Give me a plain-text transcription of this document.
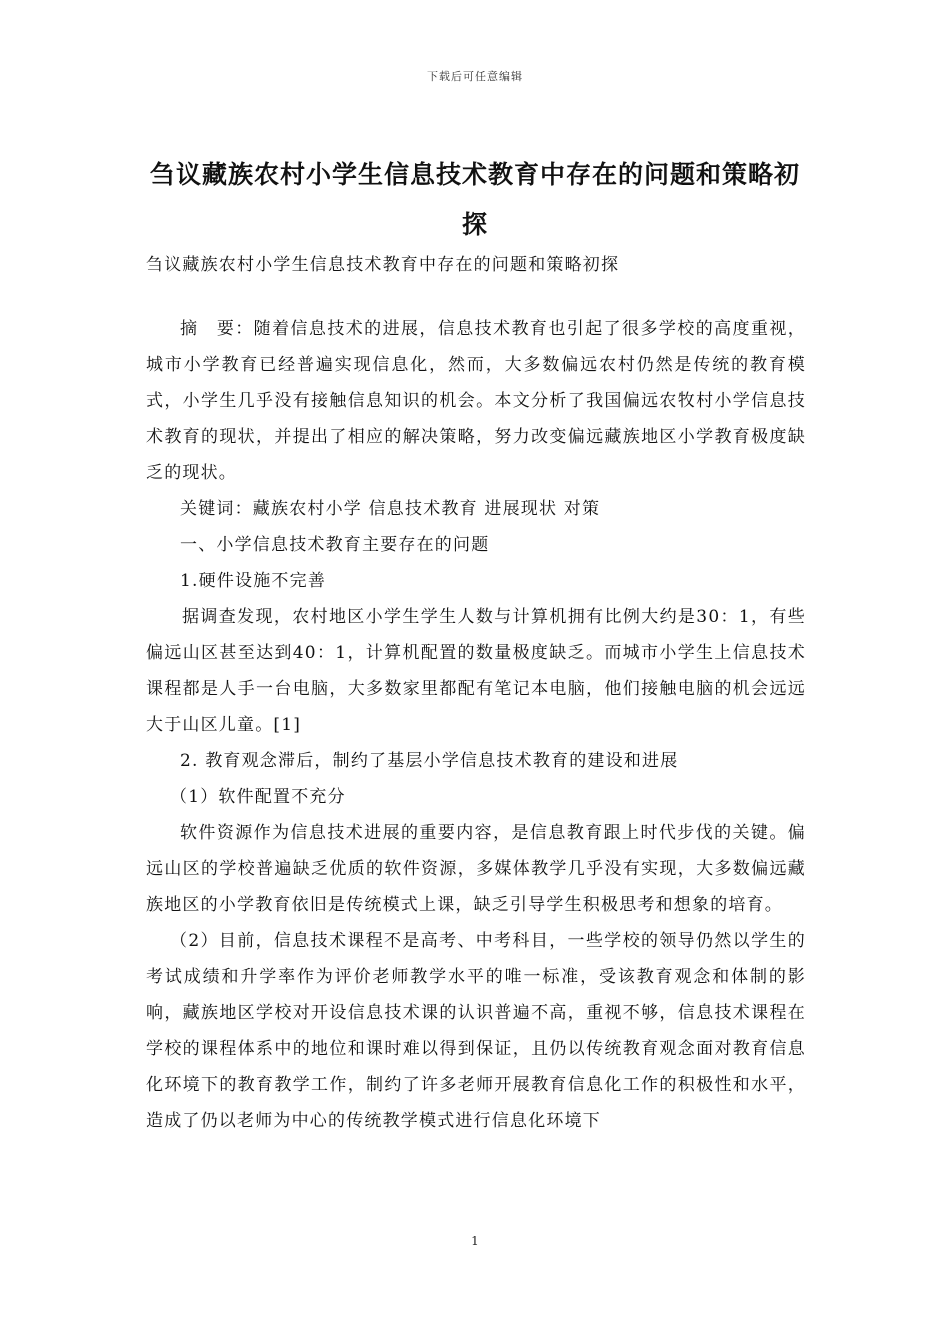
下载后可任意编辑
刍议藏族农村小学生信息技术教育中存在的问题和策略初探

刍议藏族农村小学生信息技术教育中存在的问题和策略初探

摘　要：随着信息技术的进展，信息技术教育也引起了很多学校的高度重视，城市小学教育已经普遍实现信息化，然而，大多数偏远农村仍然是传统的教育模式，小学生几乎没有接触信息知识的机会。本文分析了我国偏远农牧村小学信息技术教育的现状，并提出了相应的解决策略，努力改变偏远藏族地区小学教育极度缺乏的现状。

关键词：藏族农村小学 信息技术教育 进展现状 对策

一、小学信息技术教育主要存在的问题

1.硬件设施不完善

据调查发现，农村地区小学生学生人数与计算机拥有比例大约是30：1，有些偏远山区甚至达到40：1，计算机配置的数量极度缺乏。而城市小学生上信息技术课程都是人手一台电脑，大多数家里都配有笔记本电脑，他们接触电脑的机会远远大于山区儿童。[1]

2. 教育观念滞后，制约了基层小学信息技术教育的建设和进展

（1）软件配置不充分

软件资源作为信息技术进展的重要内容，是信息教育跟上时代步伐的关键。偏远山区的学校普遍缺乏优质的软件资源，多媒体教学几乎没有实现，大多数偏远藏族地区的小学教育依旧是传统模式上课，缺乏引导学生积极思考和想象的培育。

（2）目前，信息技术课程不是高考、中考科目，一些学校的领导仍然以学生的考试成绩和升学率作为评价老师教学水平的唯一标准，受该教育观念和体制的影响，藏族地区学校对开设信息技术课的认识普遍不高，重视不够，信息技术课程在学校的课程体系中的地位和课时难以得到保证，且仍以传统教育观念面对教育信息化环境下的教育教学工作，制约了许多老师开展教育信息化工作的积极性和水平，造成了仍以老师为中心的传统教学模式进行信息化环境下

1
